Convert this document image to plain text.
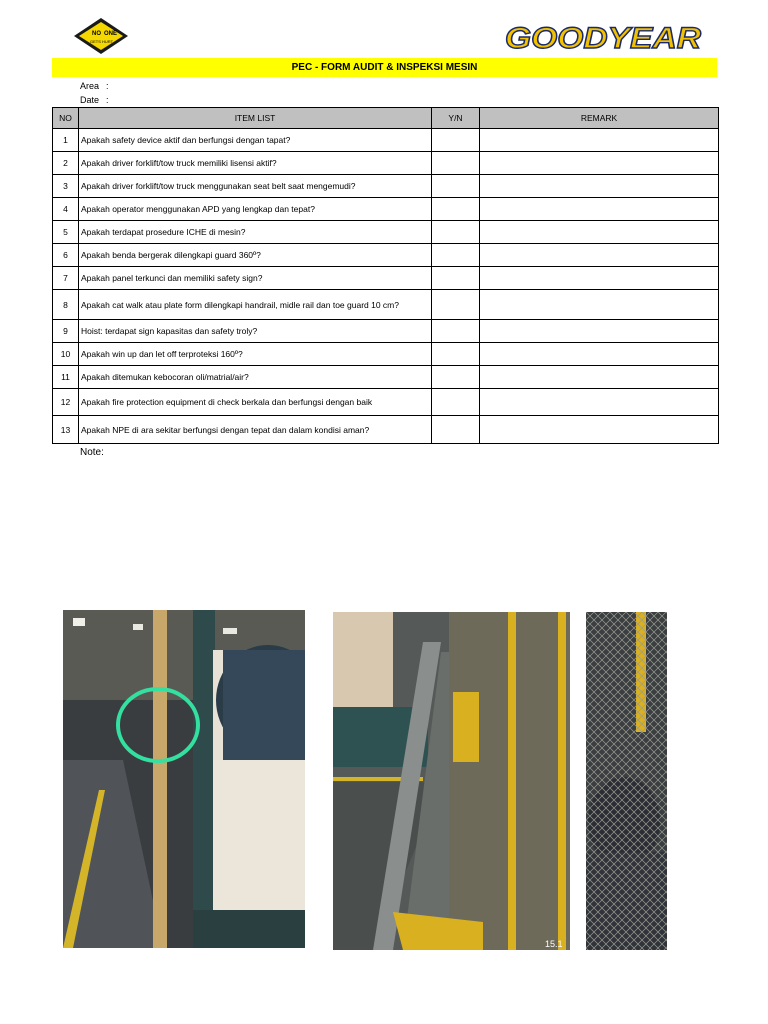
NO ONE
GETS HURT	GOODYEAR
PEC - FORM AUDIT & INSPEKSI MESIN
Area :
Date :
NO	ITEM LIST	Y/N	REMARK
1	Apakah safety device aktif dan berfungsi dengan tapat?		
2	Apakah driver forklift/tow truck memiliki lisensi aktif?		
3	Apakah driver forklift/tow truck menggunakan seat belt saat mengemudi?		
4	Apakah operator menggunakan APD yang lengkap dan tepat?		
5	Apakah terdapat prosedure ICHE di mesin?		
6	Apakah benda bergerak dilengkapi guard 360º?		
7	Apakah panel terkunci dan memiliki safety sign?		
8	Apakah cat walk atau plate form dilengkapi handrail, midle rail dan toe guard 10 cm?		
9	Hoist: terdapat sign kapasitas dan safety troly?		
10	Apakah win up dan let off terproteksi 160º?		
11	Apakah ditemukan kebocoran oli/matrial/air?		
12	Apakah fire protection equipment di check berkala dan berfungsi dengan baik		
13	Apakah NPE di ara sekitar berfungsi dengan tepat dan dalam kondisi aman?		
Note:
15.1
